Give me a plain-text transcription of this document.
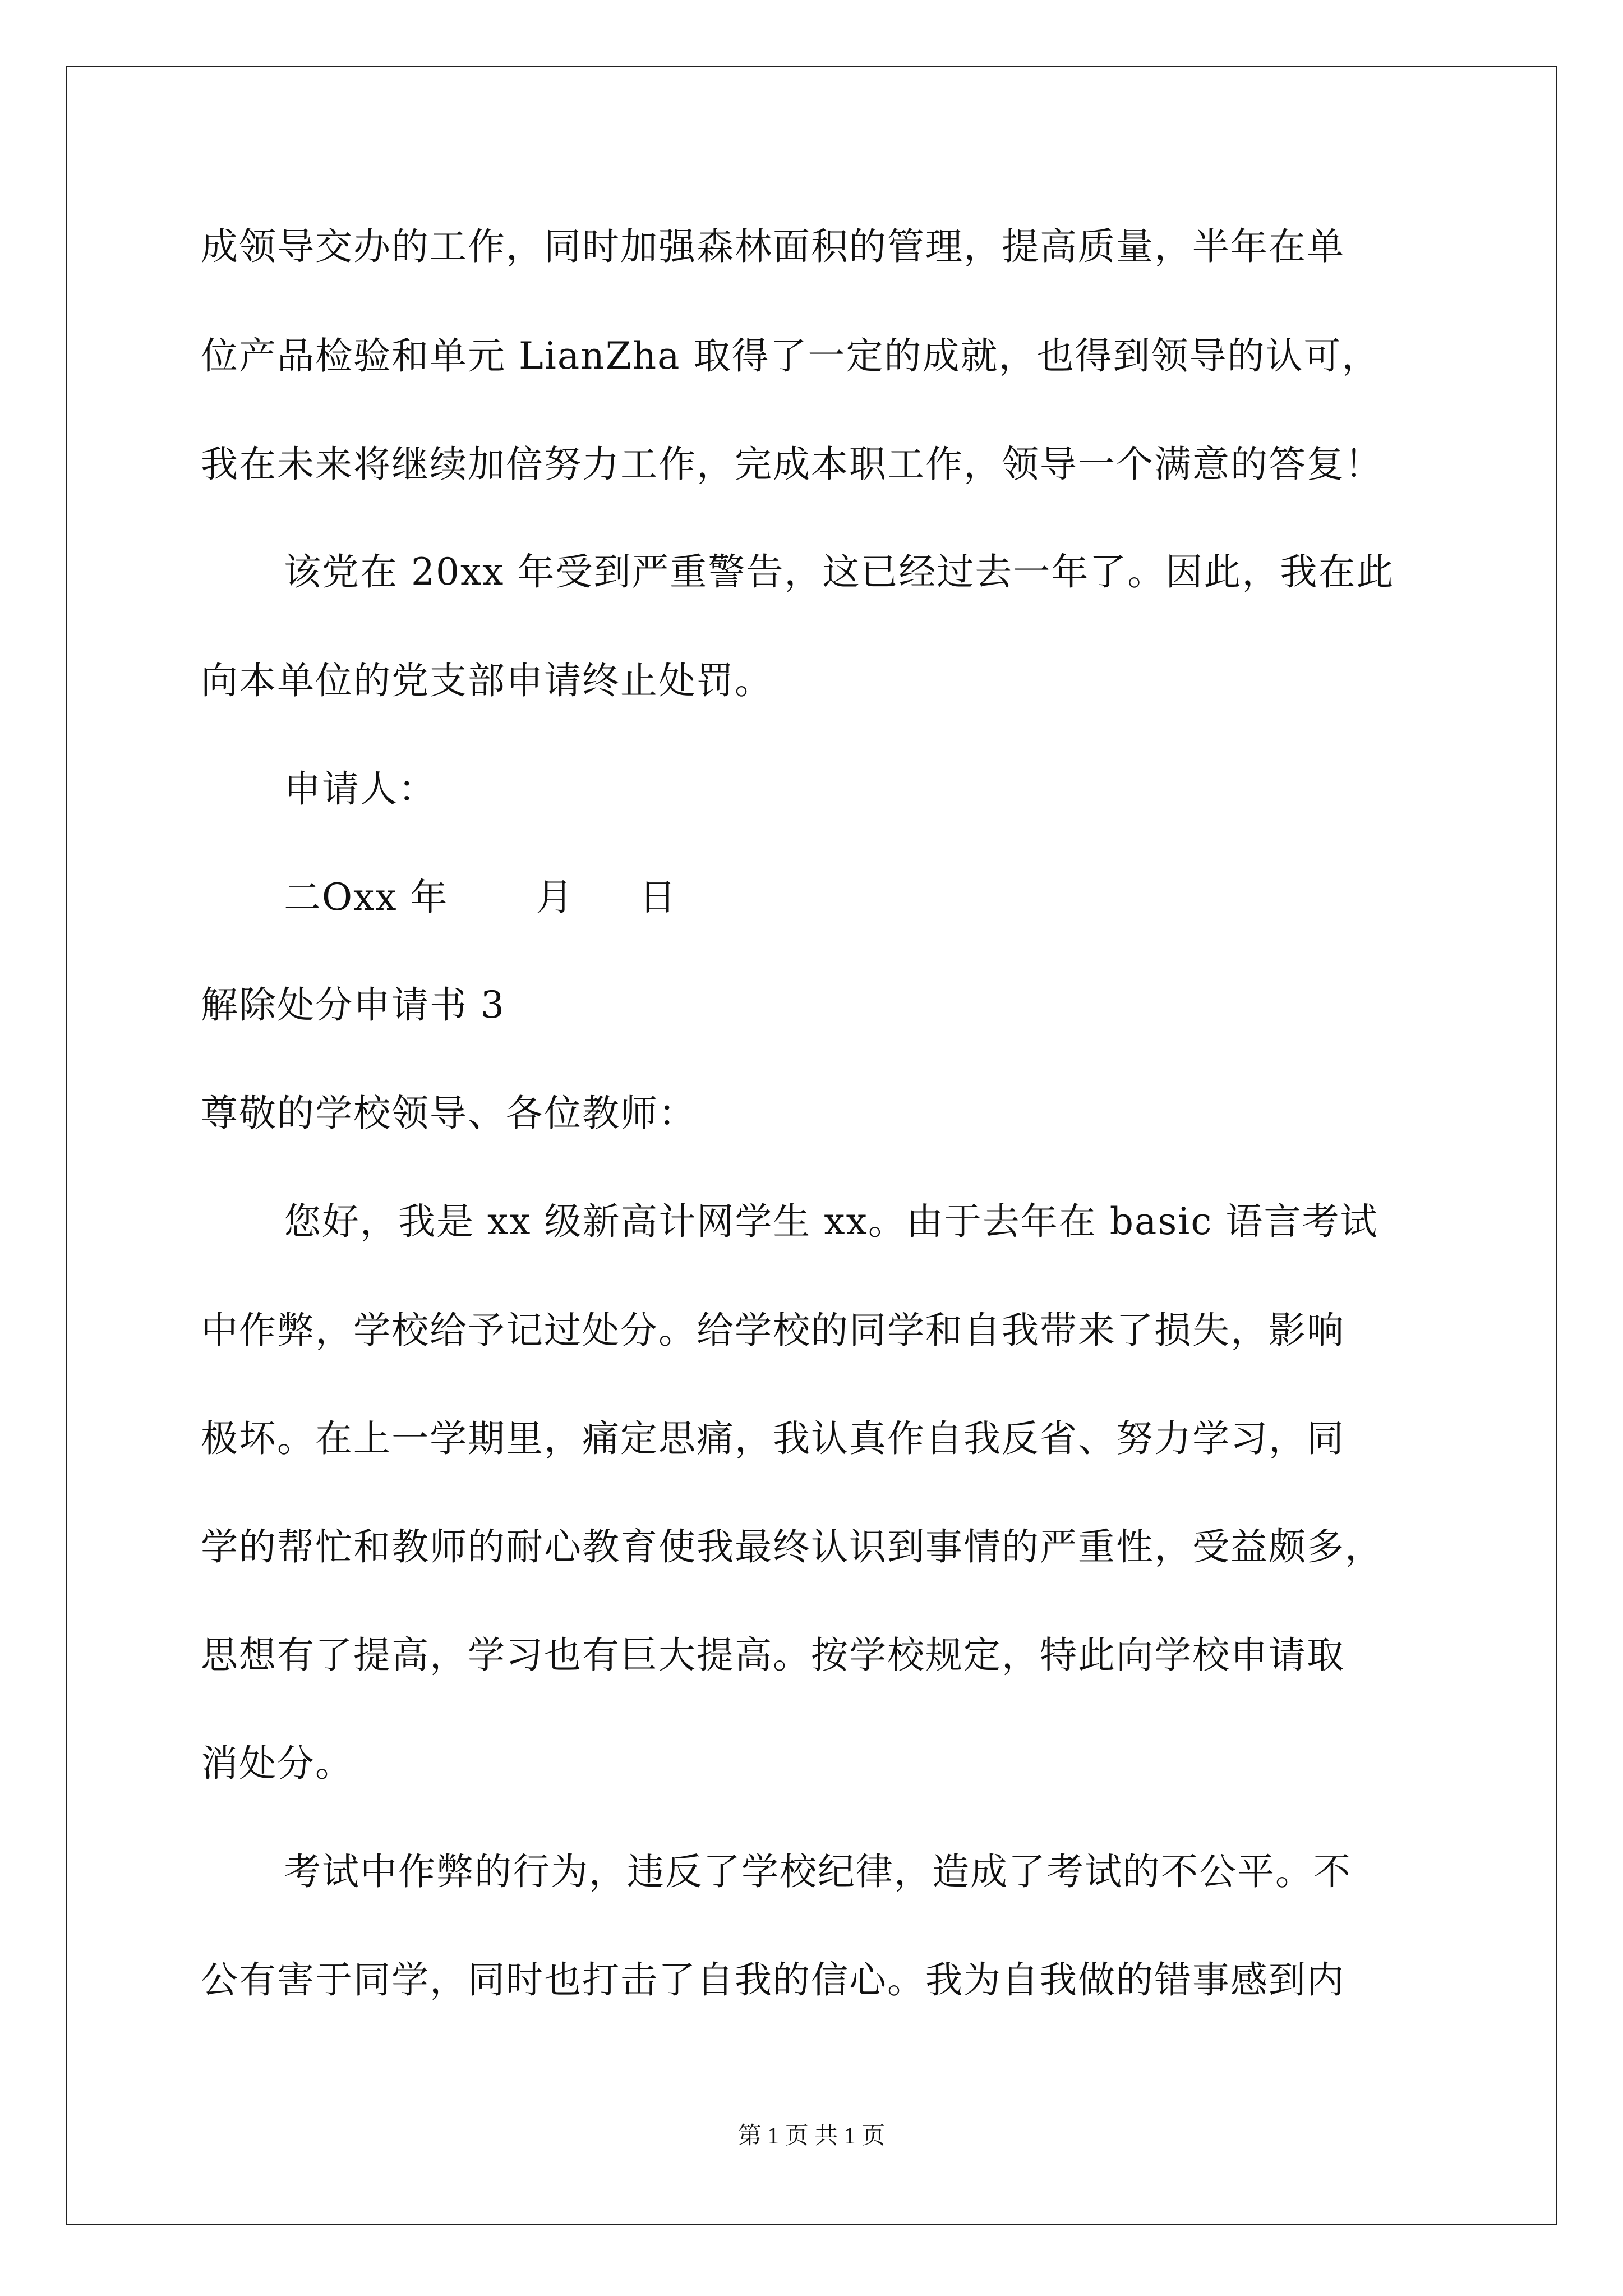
成领导交办的工作，同时加强森林面积的管理，提高质量，半年在单
位产品检验和单元 LianZha 取得了一定的成就，也得到领导的认可，
我在未来将继续加倍努力工作，完成本职工作，领导一个满意的答复！
该党在 20xx 年受到严重警告，这已经过去一年了。因此，我在此
向本单位的党支部申请终止处罚。
申请人：
二Oxx 年 月 日
解除处分申请书 3
尊敬的学校领导、各位教师：
您好，我是 xx 级新高计网学生 xx。由于去年在 basic 语言考试
中作弊，学校给予记过处分。给学校的同学和自我带来了损失，影响
极坏。在上一学期里，痛定思痛，我认真作自我反省、努力学习，同
学的帮忙和教师的耐心教育使我最终认识到事情的严重性，受益颇多，
思想有了提高，学习也有巨大提高。按学校规定，特此向学校申请取
消处分。
考试中作弊的行为，违反了学校纪律，造成了考试的不公平。不
公有害于同学，同时也打击了自我的信心。我为自我做的错事感到内
第 1 页 共 1 页
